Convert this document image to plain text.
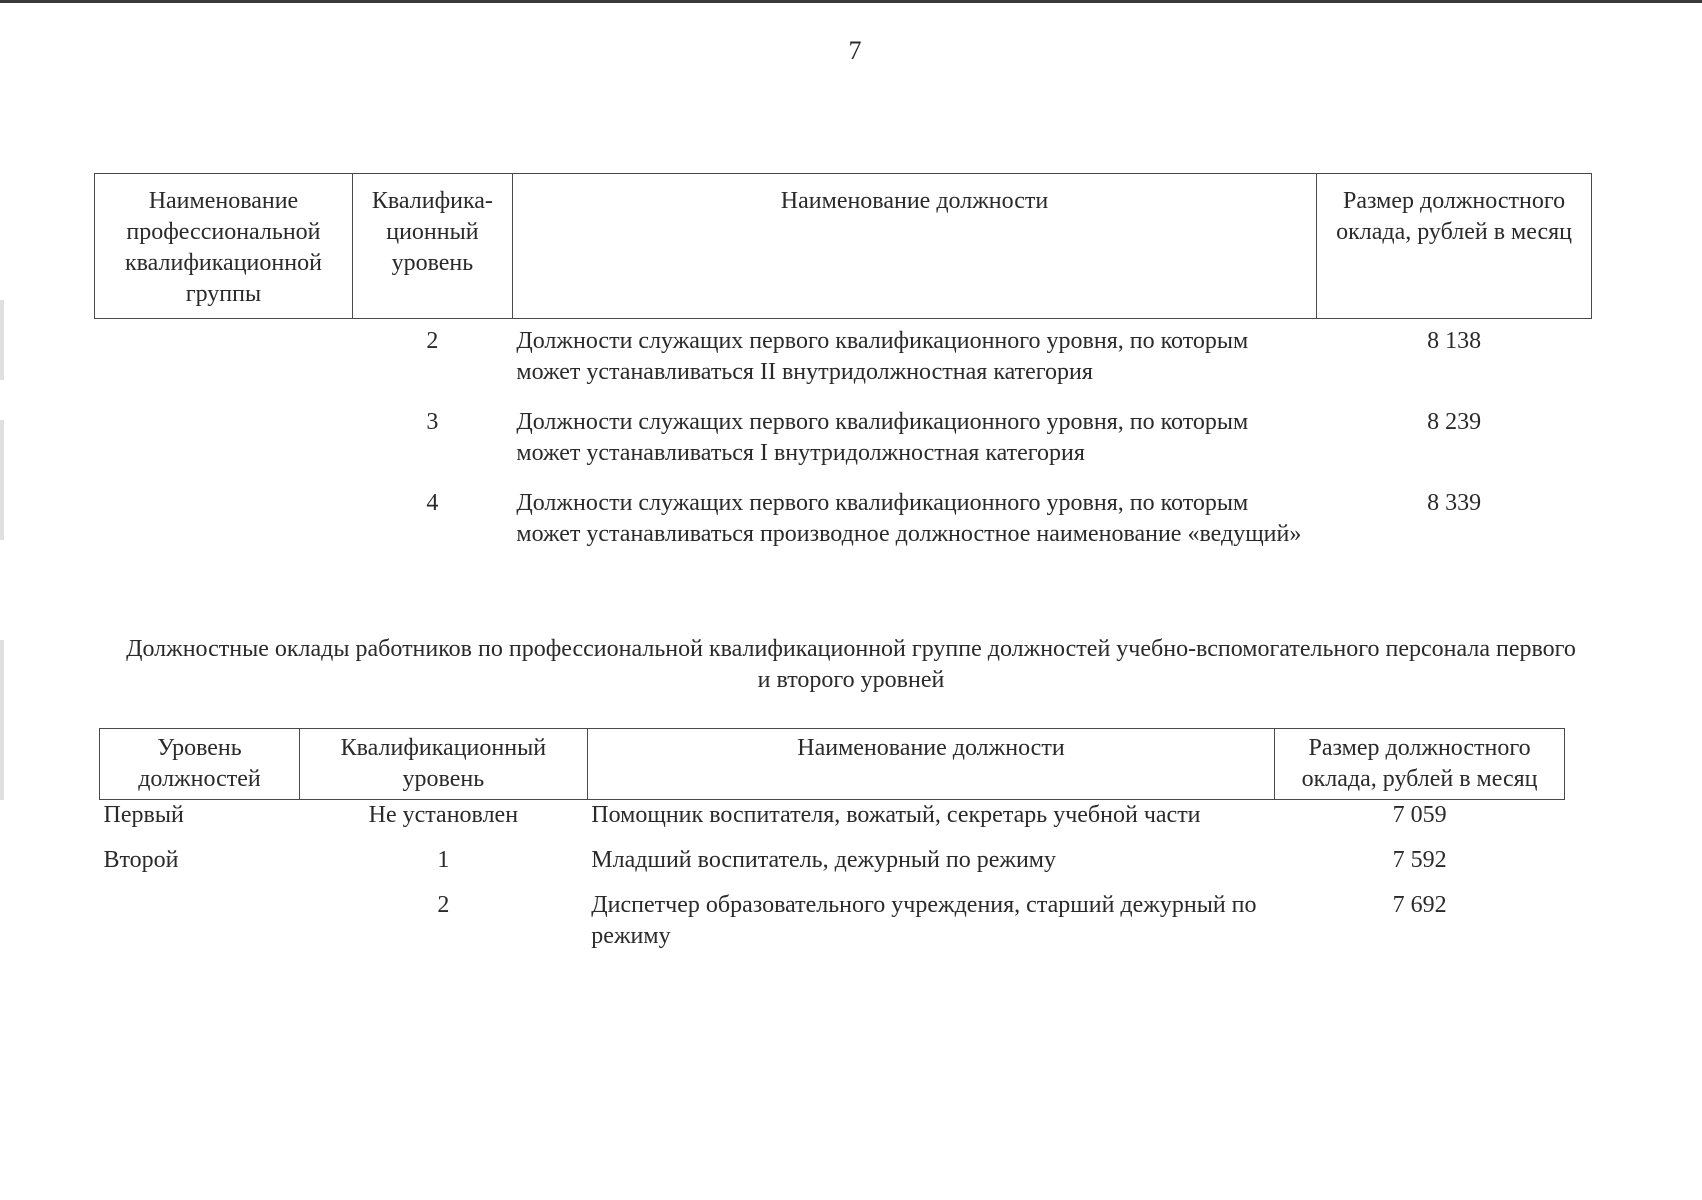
7
Наименование профессиональной квалификационной группы	Квалифика-ционный уровень	Наименование должности	Размер должностного оклада, рублей в месяц
	2	Должности служащих первого квалификационного уровня, по которым может устанавливаться II внутридолжностная категория	8 138
	3	Должности служащих первого квалификационного уровня, по которым может устанавливаться I внутридолжностная категория	8 239
	4	Должности служащих первого квалификационного уровня, по которым может устанавливаться производное должностное наименование «ведущий»	8 339
Должностные оклады работников по профессиональной квалификационной группе должностей учебно-вспомогательного персонала первого и второго уровней
Уровень должностей	Квалификационный уровень	Наименование должности	Размер должностного оклада, рублей в месяц
Первый	Не установлен	Помощник воспитателя, вожатый, секретарь учебной части	7 059
Второй	1	Младший воспитатель, дежурный по режиму	7 592
	2	Диспетчер образовательного учреждения, старший дежурный по режиму	7 692
